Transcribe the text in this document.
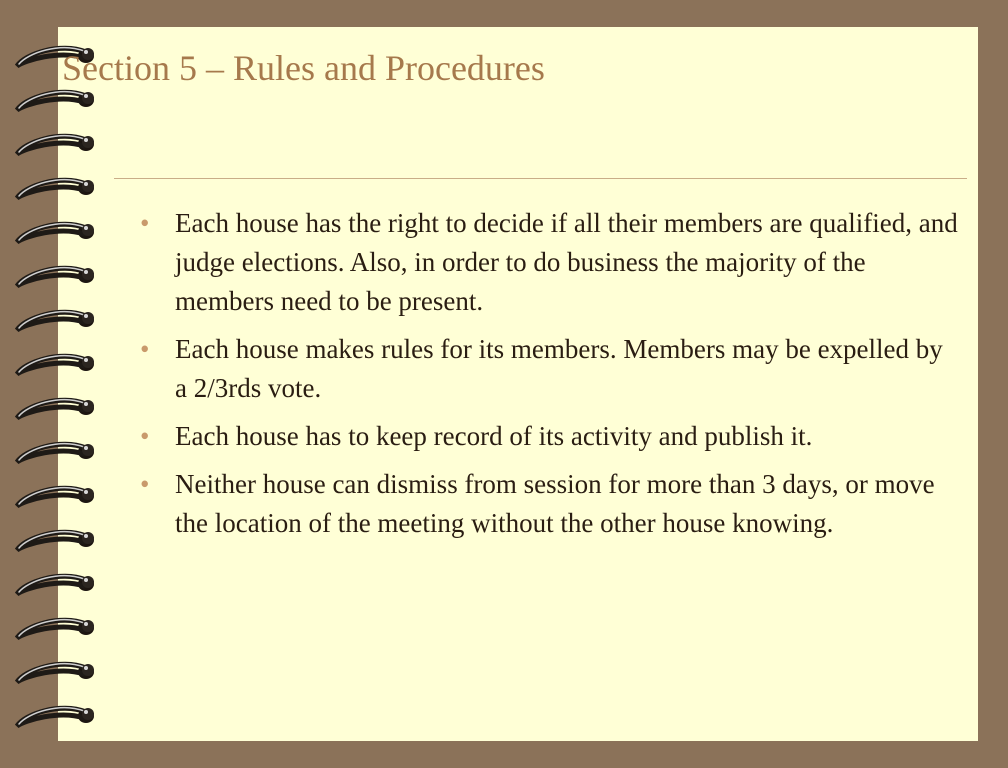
Section 5 – Rules and Procedures
• Each house has the right to decide if all their members are qualified, and judge elections. Also, in order to do business the majority of the members need to be present.
• Each house makes rules for its members. Members may be expelled by a 2/3rds vote.
• Each house has to keep record of its activity and publish it.
• Neither house can dismiss from session for more than 3 days, or move the location of the meeting without the other house knowing.
